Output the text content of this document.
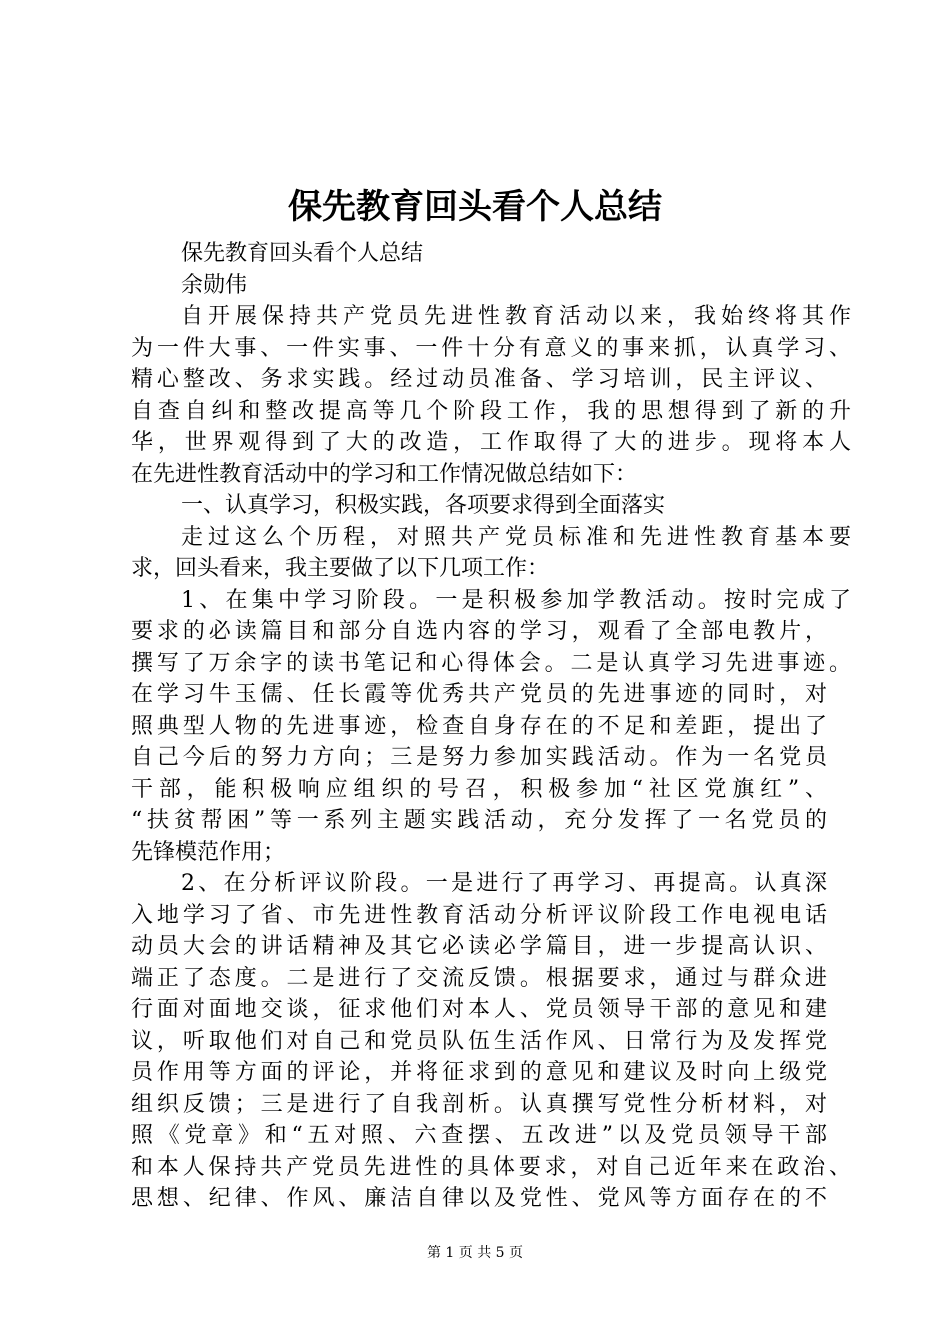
保先教育回头看个人总结

保先教育回头看个人总结

余勋伟

自开展保持共产党员先进性教育活动以来，我始终将其作

为一件大事、一件实事、一件十分有意义的事来抓，认真学习、

精心整改、务求实践。经过动员准备、学习培训，民主评议、

自查自纠和整改提高等几个阶段工作，我的思想得到了新的升

华，世界观得到了大的改造，工作取得了大的进步。现将本人

在先进性教育活动中的学习和工作情况做总结如下：

一、认真学习，积极实践，各项要求得到全面落实

走过这么个历程，对照共产党员标准和先进性教育基本要

求，回头看来，我主要做了以下几项工作：

1、在集中学习阶段。一是积极参加学教活动。按时完成了

要求的必读篇目和部分自选内容的学习，观看了全部电教片，

撰写了万余字的读书笔记和心得体会。二是认真学习先进事迹。

在学习牛玉儒、任长霞等优秀共产党员的先进事迹的同时，对

照典型人物的先进事迹，检查自身存在的不足和差距，提出了

自己今后的努力方向；三是努力参加实践活动。作为一名党员

干部，能积极响应组织的号召，积极参加“社区党旗红”、

“扶贫帮困”等一系列主题实践活动，充分发挥了一名党员的

先锋模范作用；

2、在分析评议阶段。一是进行了再学习、再提高。认真深

入地学习了省、市先进性教育活动分析评议阶段工作电视电话

动员大会的讲话精神及其它必读必学篇目，进一步提高认识、

端正了态度。二是进行了交流反馈。根据要求，通过与群众进

行面对面地交谈，征求他们对本人、党员领导干部的意见和建

议，听取他们对自己和党员队伍生活作风、日常行为及发挥党

员作用等方面的评论，并将征求到的意见和建议及时向上级党

组织反馈；三是进行了自我剖析。认真撰写党性分析材料，对

照《党章》和“五对照、六查摆、五改进”以及党员领导干部

和本人保持共产党员先进性的具体要求，对自己近年来在政治、

思想、纪律、作风、廉洁自律以及党性、党风等方面存在的不

第 1 页 共 5 页
